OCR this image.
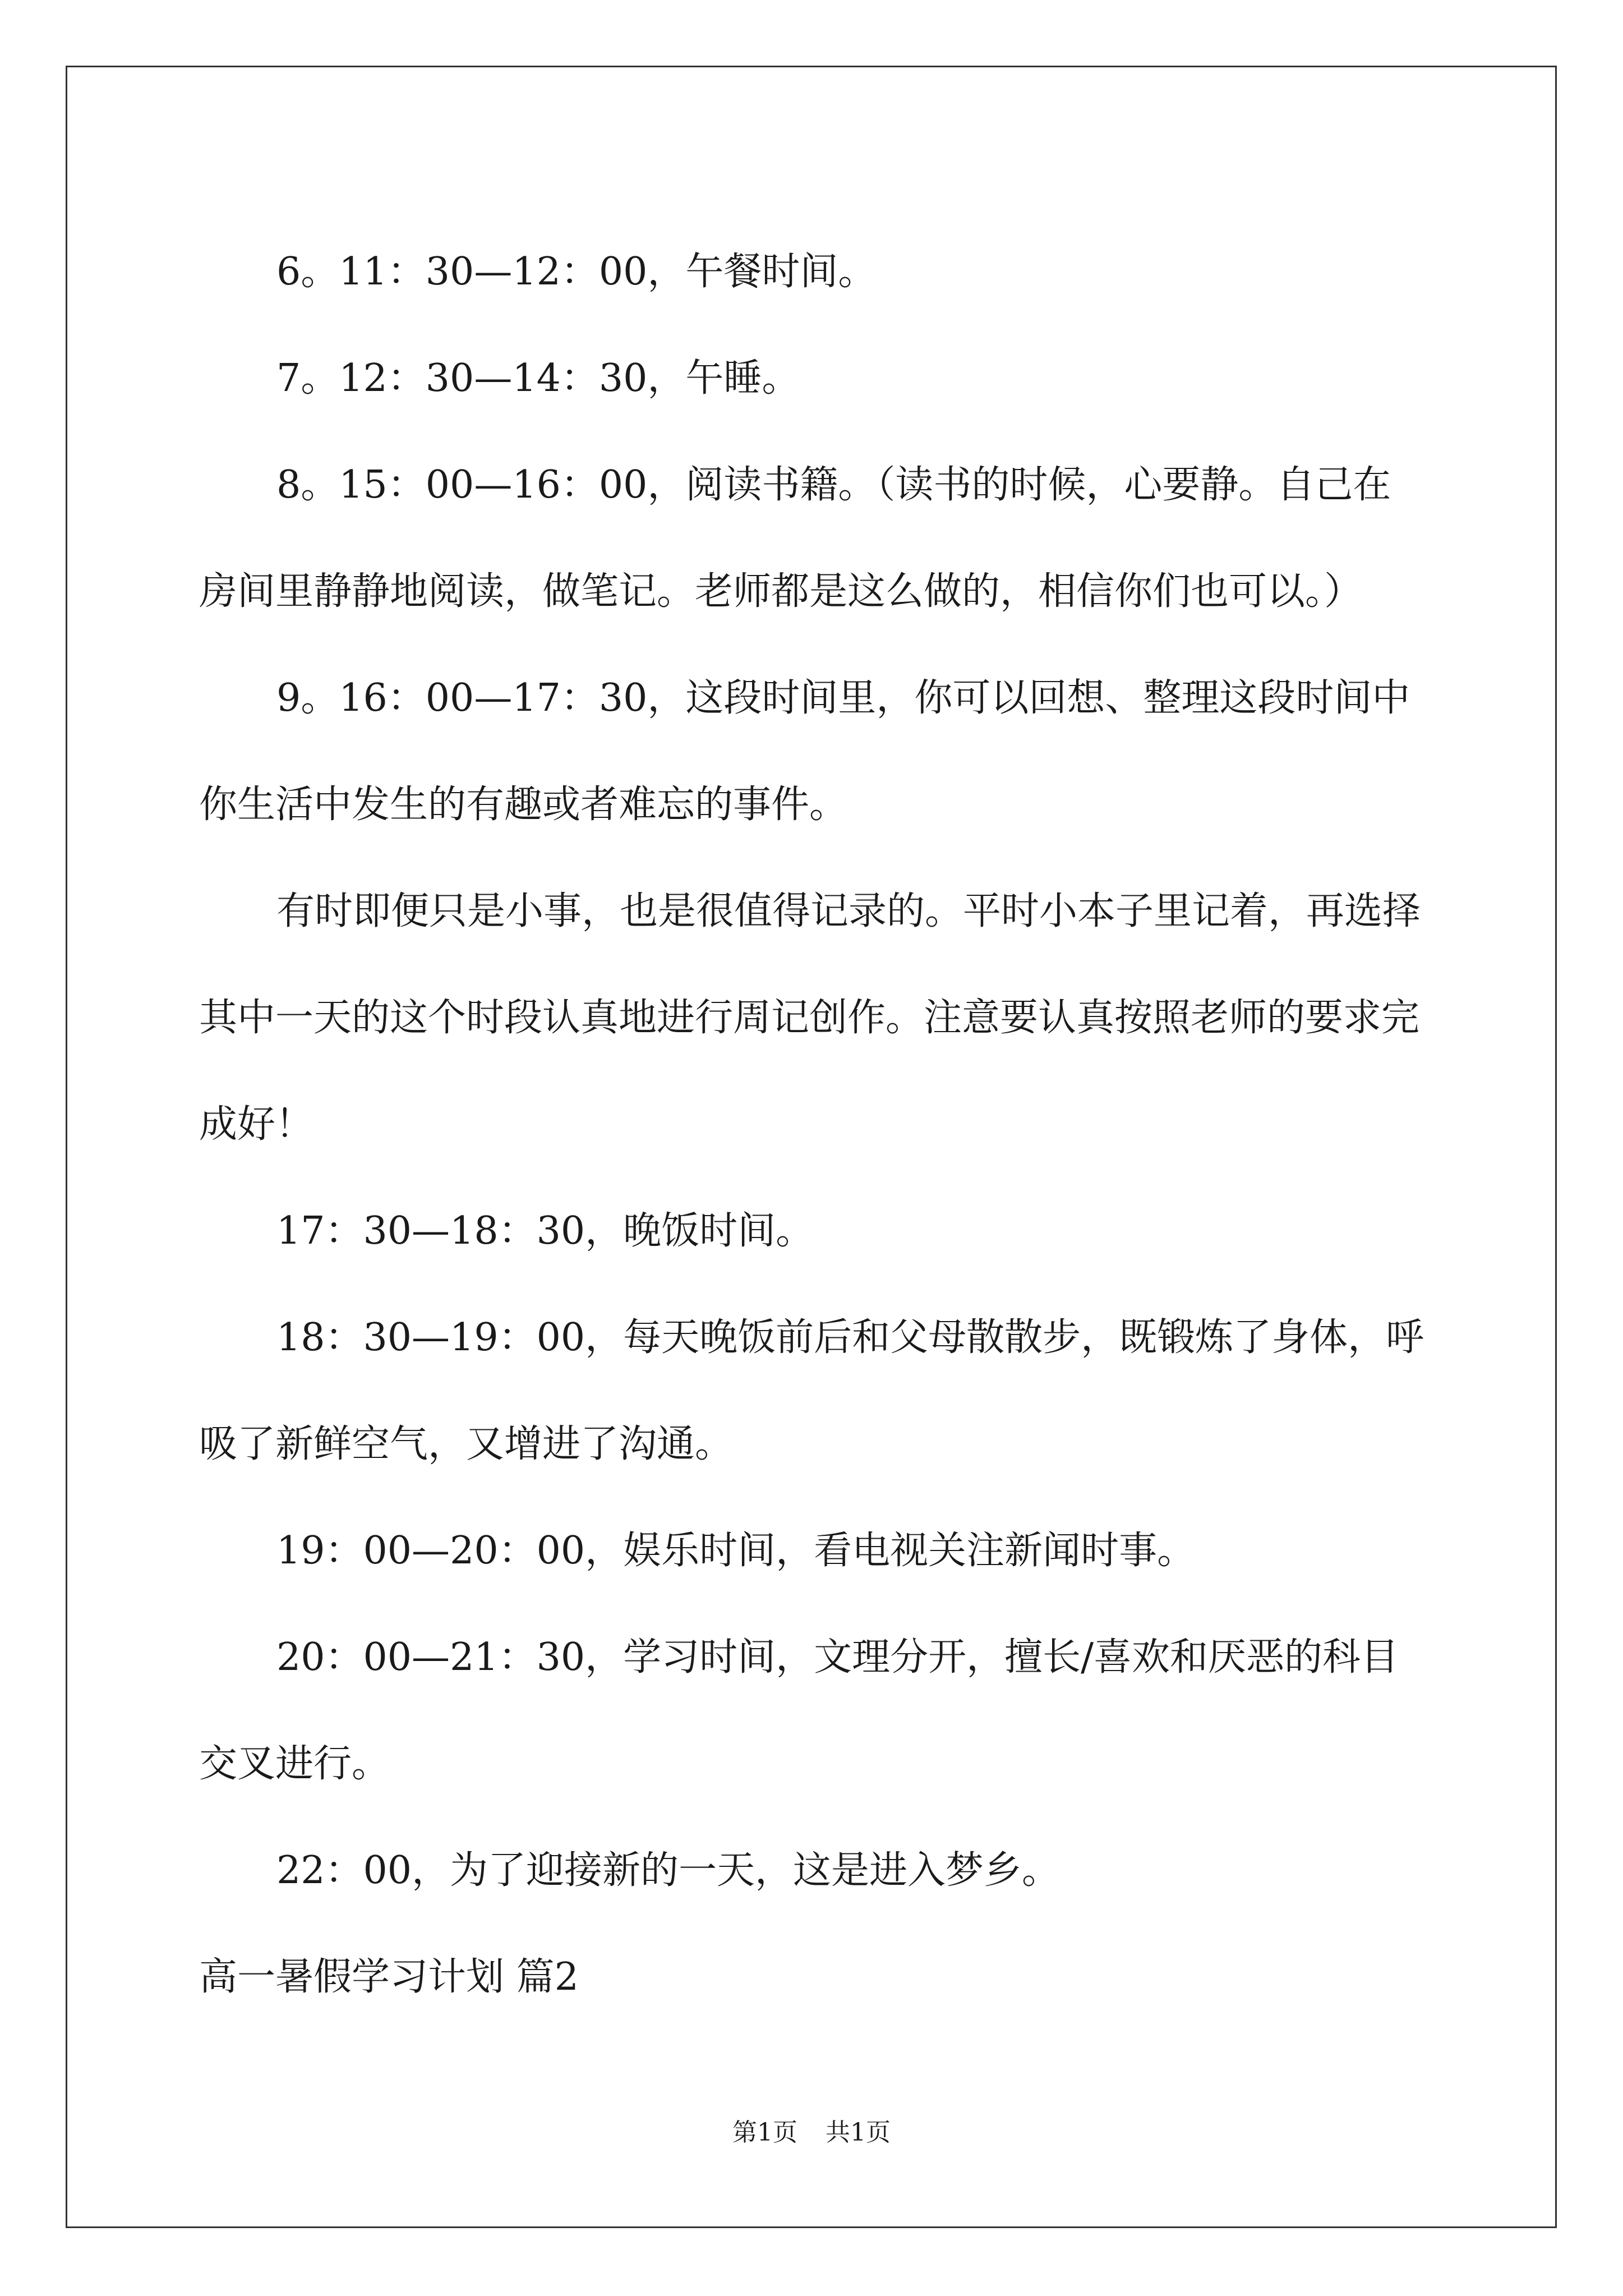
6。11：30—12：00，午餐时间。

7。12：30—14：30，午睡。

8。15：00—16：00，阅读书籍。（读书的时候，心要静。自己在房间里静静地阅读，做笔记。老师都是这么做的，相信你们也可以。）

9。16：00—17：30，这段时间里，你可以回想、整理这段时间中你生活中发生的有趣或者难忘的事件。

有时即便只是小事，也是很值得记录的。平时小本子里记着，再选择其中一天的这个时段认真地进行周记创作。注意要认真按照老师的要求完成好！

17：30—18：30，晚饭时间。

18：30—19：00，每天晚饭前后和父母散散步，既锻炼了身体，呼吸了新鲜空气，又增进了沟通。

19：00—20：00，娱乐时间，看电视关注新闻时事。

20：00—21：30，学习时间，文理分开，擅长/喜欢和厌恶的科目交叉进行。

22：00，为了迎接新的一天，这是进入梦乡。

高一暑假学习计划 篇2

第1页 共1页
